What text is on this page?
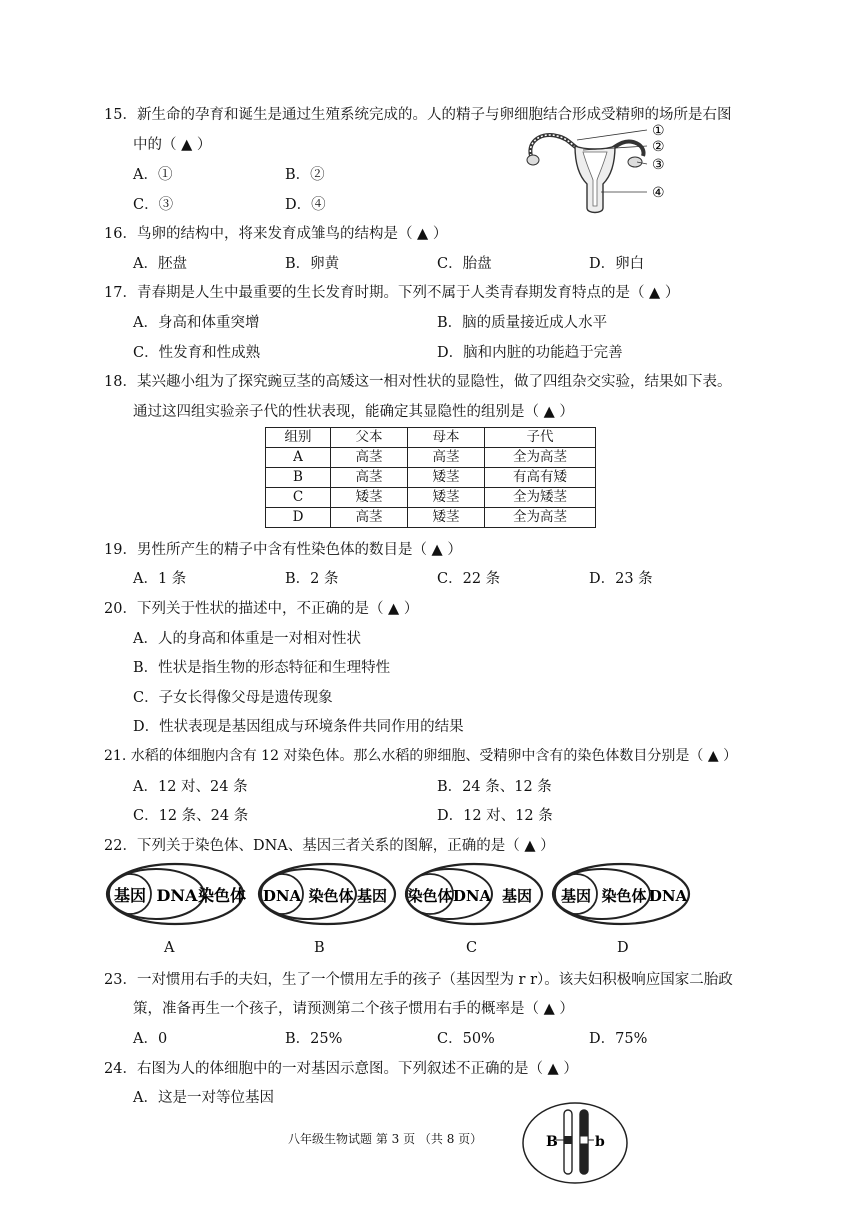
15．新生命的孕育和诞生是通过生殖系统完成的。人的精子与卵细胞结合形成受精卵的场所是右图
中的（ ▲ ）
A．①	B．②
C．③	D．④
①
②
③
④
16．鸟卵的结构中，将来发育成雏鸟的结构是（ ▲ ）
A．胚盘	B．卵黄	C．胎盘	D．卵白
17．青春期是人生中最重要的生长发育时期。下列不属于人类青春期发育特点的是（ ▲ ）
A．身高和体重突增	B．脑的质量接近成人水平
C．性发育和性成熟	D．脑和内脏的功能趋于完善
18．某兴趣小组为了探究豌豆茎的高矮这一相对性状的显隐性，做了四组杂交实验，结果如下表。
通过这四组实验亲子代的性状表现，能确定其显隐性的组别是（ ▲ ）
组别	父本	母本	子代
A	高茎	高茎	全为高茎
B	高茎	矮茎	有高有矮
C	矮茎	矮茎	全为矮茎
D	高茎	矮茎	全为高茎
19．男性所产生的精子中含有性染色体的数目是（ ▲ ）
A．1 条	B．2 条	C．22 条	D．23 条
20．下列关于性状的描述中，不正确的是（ ▲ ）
A．人的身高和体重是一对相对性状
B．性状是指生物的形态特征和生理特性
C．子女长得像父母是遗传现象
D．性状表现是基因组成与环境条件共同作用的结果
21. 水稻的体细胞内含有 12 对染色体。那么水稻的卵细胞、受精卵中含有的染色体数目分别是（ ▲ ）
A．12 对、24 条	B．24 条、12 条
C．12 条、24 条	D．12 对、12 条
22．下列关于染色体、DNA、基因三者关系的图解，正确的是（ ▲ ）
基因 DNA 染色体 DNA 染色体 基因 染色体 DNA 基因 基因 染色体 DNA
A	B	C	D
23．一对惯用右手的夫妇，生了一个惯用左手的孩子（基因型为 r r）。该夫妇积极响应国家二胎政
策，准备再生一个孩子，请预测第二个孩子惯用右手的概率是（ ▲ ）
A．0	B．25%	C．50%	D．75%
24．右图为人的体细胞中的一对基因示意图。下列叙述不正确的是（ ▲ ）
A．这是一对等位基因
B	b
八年级生物试题 第 3 页 （共 8 页）
